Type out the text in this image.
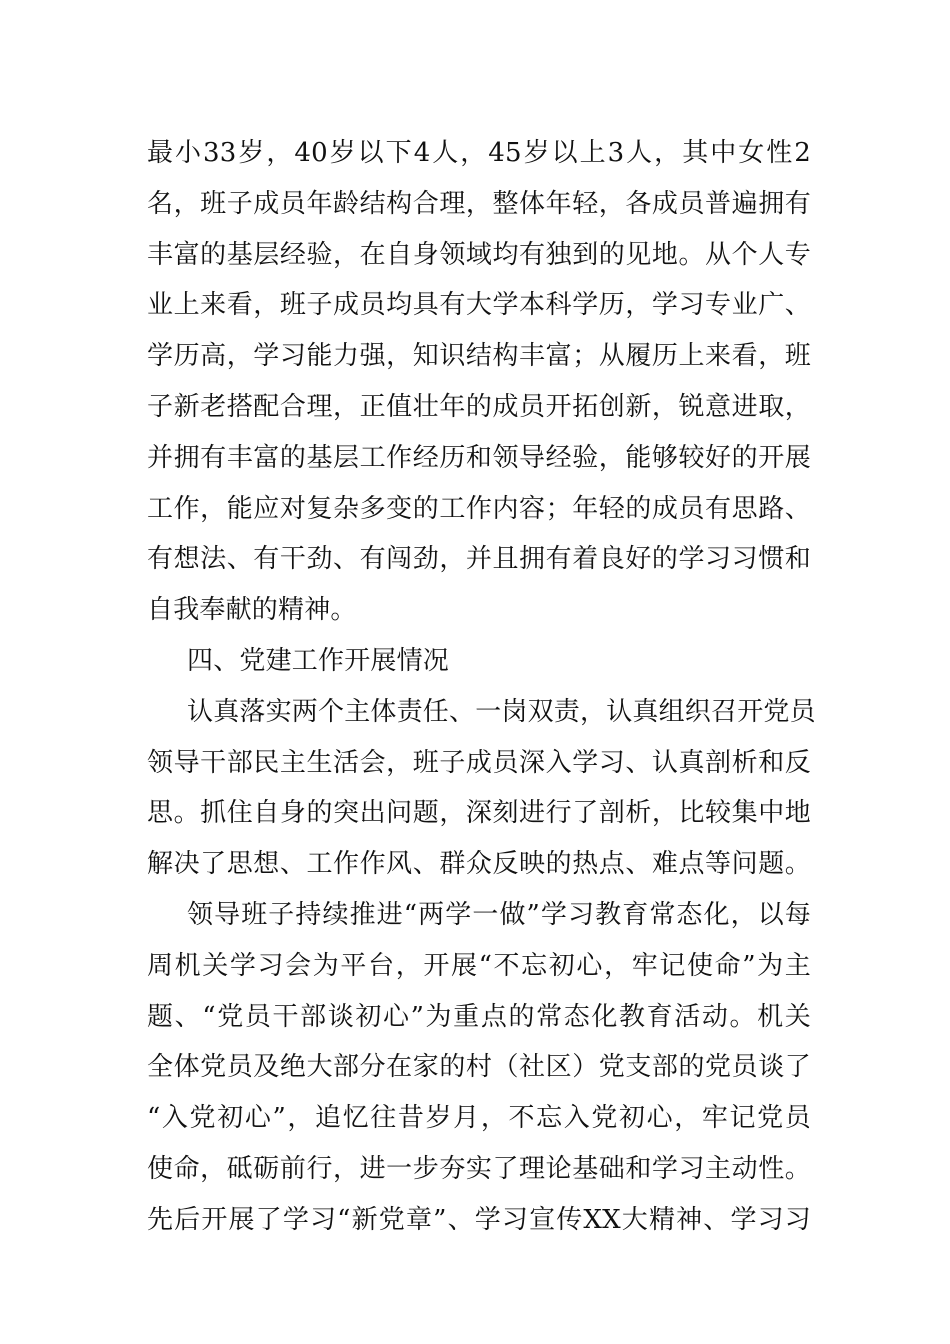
最小33岁，40岁以下4人，45岁以上3人，其中女性2
名，班子成员年龄结构合理，整体年轻，各成员普遍拥有
丰富的基层经验，在自身领域均有独到的见地。从个人专
业上来看，班子成员均具有大学本科学历，学习专业广、
学历高，学习能力强，知识结构丰富；从履历上来看，班
子新老搭配合理，正值壮年的成员开拓创新，锐意进取，
并拥有丰富的基层工作经历和领导经验，能够较好的开展
工作，能应对复杂多变的工作内容；年轻的成员有思路、
有想法、有干劲、有闯劲，并且拥有着良好的学习习惯和
自我奉献的精神。
四、党建工作开展情况
认真落实两个主体责任、一岗双责，认真组织召开党员
领导干部民主生活会，班子成员深入学习、认真剖析和反
思。抓住自身的突出问题，深刻进行了剖析，比较集中地
解决了思想、工作作风、群众反映的热点、难点等问题。
领导班子持续推进“两学一做”学习教育常态化，以每
周机关学习会为平台，开展“不忘初心，牢记使命”为主
题、“党员干部谈初心”为重点的常态化教育活动。机关
全体党员及绝大部分在家的村（社区）党支部的党员谈了
“入党初心”，追忆往昔岁月，不忘入党初心，牢记党员
使命，砥砺前行，进一步夯实了理论基础和学习主动性。
先后开展了学习“新党章”、学习宣传XX大精神、学习习
